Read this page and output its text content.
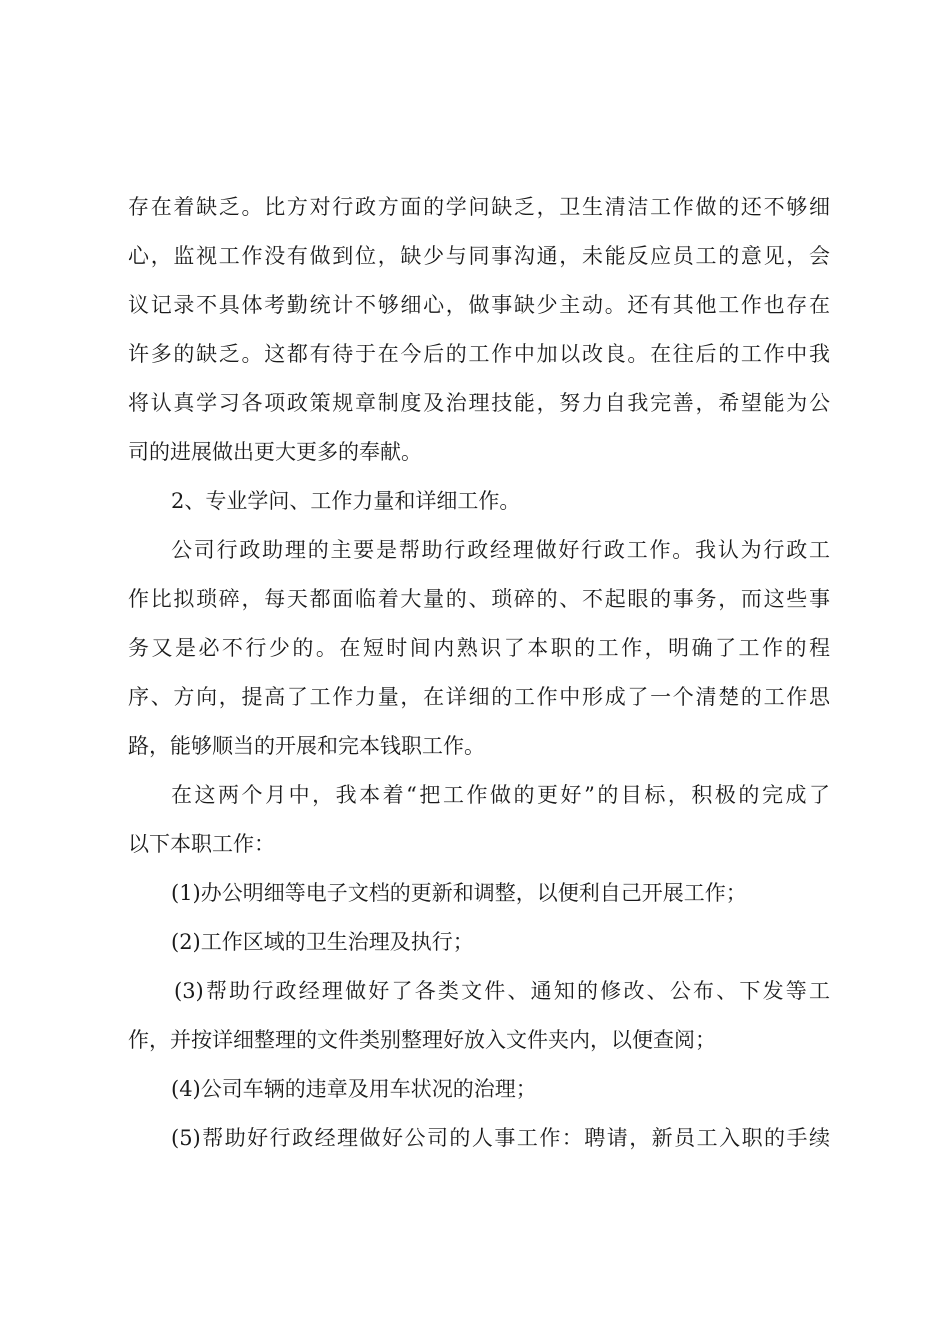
存在着缺乏。比方对行政方面的学问缺乏，卫生清洁工作做的还不够细
心，监视工作没有做到位，缺少与同事沟通，未能反应员工的意见，会
议记录不具体考勤统计不够细心，做事缺少主动。还有其他工作也存在
许多的缺乏。这都有待于在今后的工作中加以改良。在往后的工作中我
将认真学习各项政策规章制度及治理技能，努力自我完善，希望能为公
司的进展做出更大更多的奉献。
2、专业学问、工作力量和详细工作。
公司行政助理的主要是帮助行政经理做好行政工作。我认为行政工
作比拟琐碎，每天都面临着大量的、琐碎的、不起眼的事务，而这些事
务又是必不行少的。在短时间内熟识了本职的工作，明确了工作的程
序、方向，提高了工作力量，在详细的工作中形成了一个清楚的工作思
路，能够顺当的开展和完本钱职工作。
在这两个月中，我本着“把工作做的更好”的目标，积极的完成了
以下本职工作：
(1)办公明细等电子文档的更新和调整，以便利自己开展工作；
(2)工作区域的卫生治理及执行；
(3)帮助行政经理做好了各类文件、通知的修改、公布、下发等工
作，并按详细整理的文件类别整理好放入文件夹内，以便查阅；
(4)公司车辆的违章及用车状况的治理；
(5)帮助好行政经理做好公司的人事工作：聘请，新员工入职的手续
